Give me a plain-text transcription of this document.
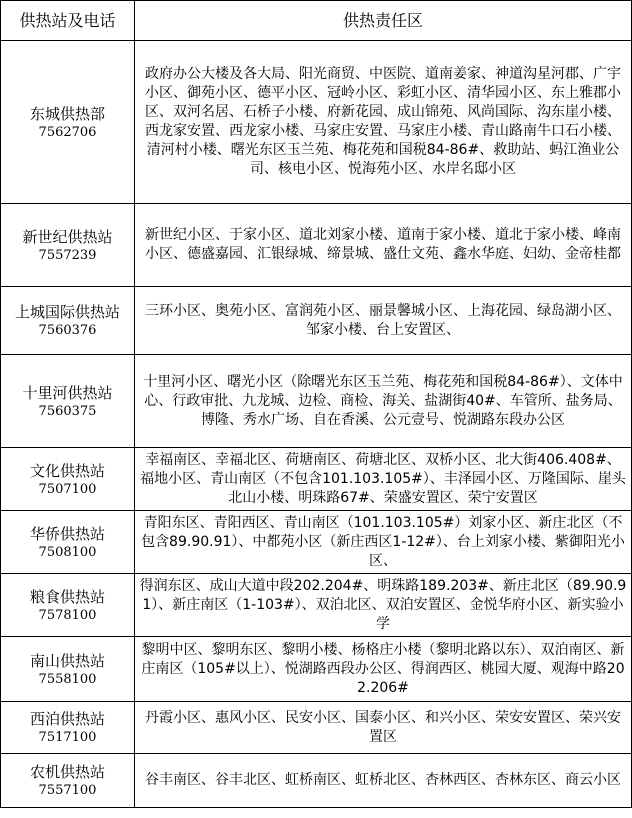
供热站及电话	供热责任区

东城供热部
7562706	政府办公大楼及各大局、阳光商贸、中医院、道南姜家、神道沟星河郡、广宇小区、御苑小区、德平小区、冠岭小区、彩虹小区、清华园小区、东上雅郡小区、双河名居、石桥子小楼、府新花园、成山锦苑、风尚国际、沟东崖小楼、西龙家安置、西龙家小楼、马家庄安置、马家庄小楼、青山路南牛口石小楼、清河村小楼、曙光东区玉兰苑、梅花苑和国税84-86#、救助站、蚂江渔业公司、核电小区、悦海苑小区、水岸名邸小区

新世纪供热站
7557239	新世纪小区、于家小区、道北刘家小楼、道南于家小楼、道北于家小楼、峰南小区、德盛嘉园、汇银绿城、缔景城、盛仕文苑、鑫水华庭、妇幼、金帝桂都

上城国际供热站
7560376	三环小区、奥苑小区、富润苑小区、丽景馨城小区、上海花园、绿岛湖小区、邹家小楼、台上安置区、

十里河供热站
7560375	十里河小区、曙光小区（除曙光东区玉兰苑、梅花苑和国税84-86#）、文体中心、行政审批、九龙城、边检、商检、海关、盐湖街40#、车管所、盐务局、博隆、秀水广场、自在香溪、公元壹号、悦湖路东段办公区

文化供热站
7507100	幸福南区、幸福北区、荷塘南区、荷塘北区、双桥小区、北大街406.408#、福地小区、青山南区（不包含101.103.105#）、丰泽园小区、万隆国际、崖头北山小楼、明珠路67#、荣盛安置区、荣宁安置区

华侨供热站
7508100	青阳东区、青阳西区、青山南区（101.103.105#）刘家小区、新庄北区（不包含89.90.91）、中都苑小区（新庄西区1-12#）、台上刘家小楼、紫御阳光小区、

粮食供热站
7578100	得润东区、成山大道中段202.204#、明珠路189.203#、新庄北区（89.90.91）、新庄南区（1-103#）、双泊北区、双泊安置区、金悦华府小区、新实验小学

南山供热站
7558100	黎明中区、黎明东区、黎明小楼、杨格庄小楼（黎明北路以东）、双泊南区、新庄南区（105#以上）、悦湖路西段办公区、得润西区、桃园大厦、观海中路202.206#

西泊供热站
7517100	丹霞小区、惠风小区、民安小区、国泰小区、和兴小区、荣安安置区、荣兴安置区

农机供热站
7557100	谷丰南区、谷丰北区、虹桥南区、虹桥北区、杏林西区、杏林东区、商云小区
